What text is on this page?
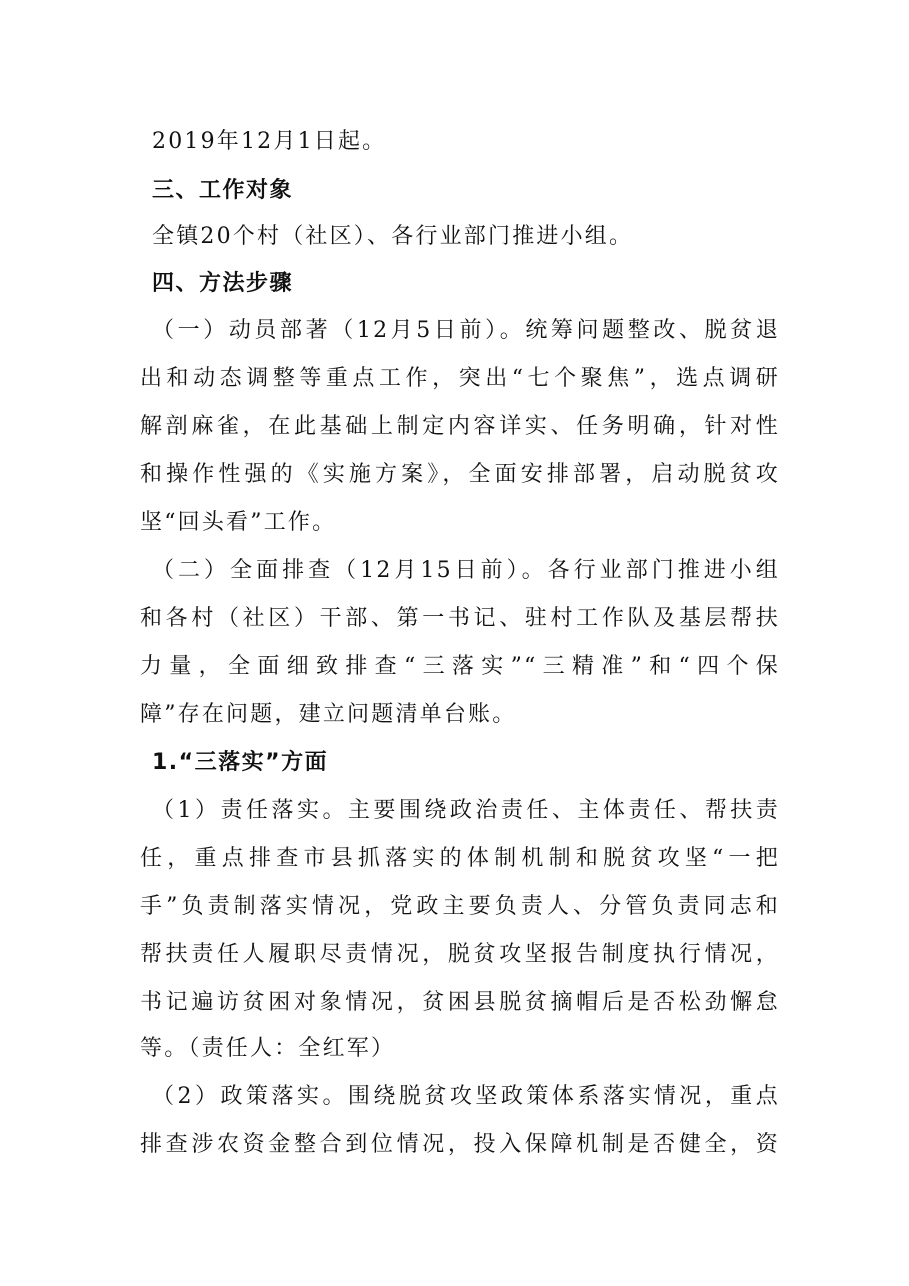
2019年12月1日起。
三、工作对象
全镇20个村（社区）、各行业部门推进小组。
四、方法步骤
（一）动员部著（12月5日前）。统筹问题整改、脱贫退
出和动态调整等重点工作，突出“七个聚焦”，选点调研
解剖麻雀，在此基础上制定内容详实、任务明确，针对性
和操作性强的《实施方案》，全面安排部署，启动脱贫攻
坚“回头看”工作。
（二）全面排查（12月15日前）。各行业部门推进小组
和各村（社区）干部、第一书记、驻村工作队及基层帮扶
力量，全面细致排查“三落实”“三精准”和“四个保
障”存在问题，建立问题清单台账。
1.“三落实”方面
（1）责任落实。主要围绕政治责任、主体责任、帮扶责
任，重点排查市县抓落实的体制机制和脱贫攻坚“一把
手”负责制落实情况，党政主要负责人、分管负责同志和
帮扶责任人履职尽责情况，脱贫攻坚报告制度执行情况，
书记遍访贫困对象情况，贫困县脱贫摘帽后是否松劲懈怠
等。（责任人：全红军）
（2）政策落实。围绕脱贫攻坚政策体系落实情况，重点
排查涉农资金整合到位情况，投入保障机制是否健全，资
